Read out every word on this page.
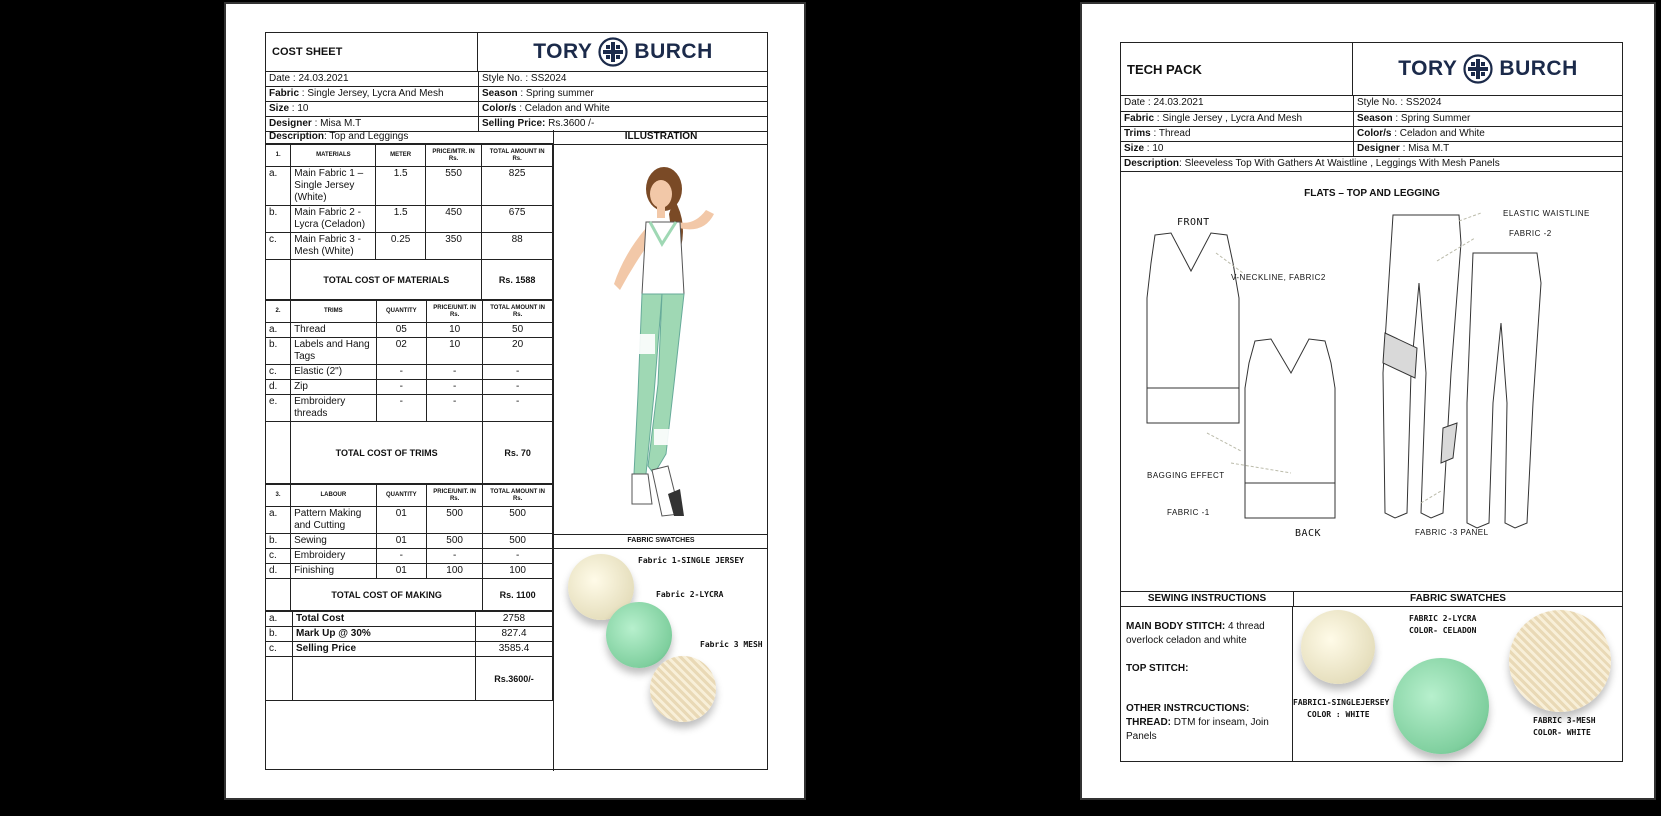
COST SHEET	TORY BURCH
Date : 24.03.2021	Style No. : SS2024
Fabric : Single Jersey, Lycra And Mesh	Season : Spring summer
Size : 10	Color/s : Celadon and White
Designer : Misa M.T	Selling Price: Rs.3600 /-
Description: Top and Leggings	ILLUSTRATION
1.	MATERIALS	METER	PRICE/MTR. IN Rs.	TOTAL AMOUNT IN Rs.
a.	Main Fabric 1 – Single Jersey (White)	1.5	550	825
b.	Main Fabric 2 - Lycra (Celadon)	1.5	450	675
c.	Main Fabric 3 - Mesh (White)	0.25	350	88
	TOTAL COST OF MATERIALS			Rs. 1588
2.	TRIMS	QUANTITY	PRICE/UNIT. IN Rs.	TOTAL AMOUNT IN Rs.
a.	Thread	05	10	50
b.	Labels and Hang Tags	02	10	20
c.	Elastic (2")	-	-	-
d.	Zip	-	-	-
e.	Embroidery threads	-	-	-
	TOTAL COST OF TRIMS			Rs. 70
3.	LABOUR	QUANTITY	PRICE/UNIT. IN Rs.	TOTAL AMOUNT IN Rs.
a.	Pattern Making and Cutting	01	500	500
b.	Sewing	01	500	500
c.	Embroidery	-	-	-
d.	Finishing	01	100	100
	TOTAL COST OF MAKING			Rs. 1100
a.	Total Cost	2758
b.	Mark Up @ 30%	827.4
c.	Selling Price	3585.4
		Rs.3600/-
FABRIC SWATCHES
Fabric 1-SINGLE JERSEY
Fabric 2-LYCRA
Fabric 3 MESH
TECH PACK	TORY BURCH
Date : 24.03.2021	Style No. : SS2024
Fabric : Single Jersey , Lycra And Mesh	Season : Spring Summer
Trims : Thread	Color/s : Celadon and White
Size : 10	Designer : Misa M.T
Description: Sleeveless Top With Gathers At Waistline , Leggings With Mesh Panels	
FLATS – TOP AND LEGGING
FRONT
BACK
V-NECKLINE, FABRIC2
BAGGING EFFECT
FABRIC -1
ELASTIC WAISTLINE
FABRIC -2
FABRIC -3 PANEL
SEWING INSTRUCTIONS	FABRIC SWATCHES
MAIN BODY STITCH: 4 thread overlock celadon and white
TOP STITCH:
OTHER INSTRCUCTIONS:
THREAD: DTM for inseam, Join Panels
FABRIC1-SINGLEJERSEY
COLOR : WHITE
FABRIC 2-LYCRA
COLOR- CELADON
FABRIC 3-MESH
COLOR- WHITE
